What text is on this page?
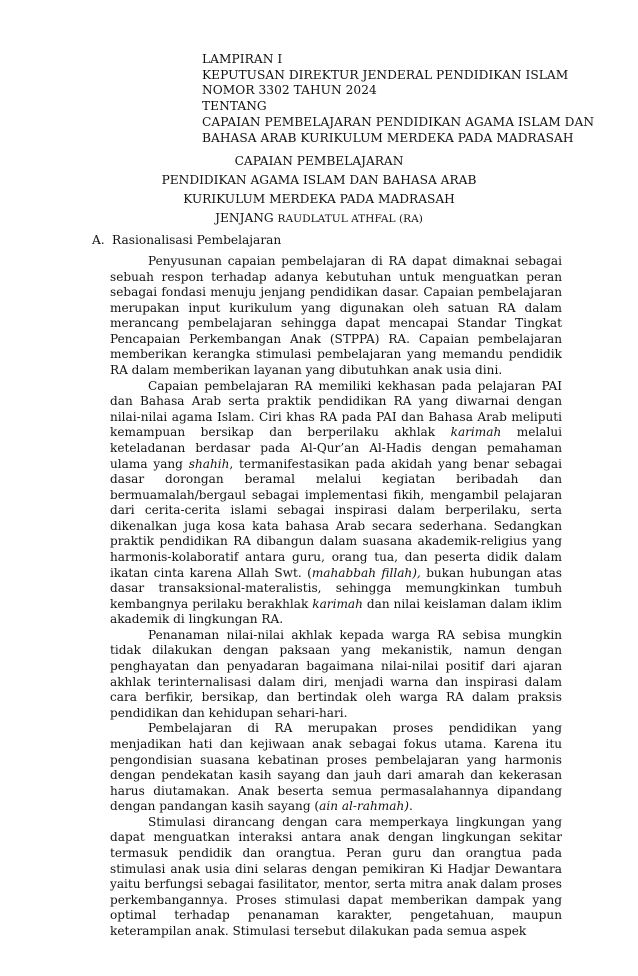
LAMPIRAN I
KEPUTUSAN DIREKTUR JENDERAL PENDIDIKAN ISLAM
NOMOR 3302 TAHUN 2024
TENTANG
CAPAIAN PEMBELAJARAN PENDIDIKAN AGAMA ISLAM DAN
BAHASA ARAB KURIKULUM MERDEKA PADA MADRASAH
CAPAIAN PEMBELAJARAN
PENDIDIKAN AGAMA ISLAM DAN BAHASA ARAB
KURIKULUM MERDEKA PADA MADRASAH
JENJANG RAUDLATUL ATHFAL (RA)
A. Rasionalisasi Pembelajaran

Penyusunan capaian pembelajaran di RA dapat dimaknai sebagai sebuah respon terhadap adanya kebutuhan untuk menguatkan peran sebagai fondasi menuju jenjang pendidikan dasar. Capaian pembelajaran merupakan input kurikulum yang digunakan oleh satuan RA dalam merancang pembelajaran sehingga dapat mencapai Standar Tingkat Pencapaian Perkembangan Anak (STPPA) RA. Capaian pembelajaran memberikan kerangka stimulasi pembelajaran yang memandu pendidik RA dalam memberikan layanan yang dibutuhkan anak usia dini.

Capaian pembelajaran RA memiliki kekhasan pada pelajaran PAI dan Bahasa Arab serta praktik pendidikan RA yang diwarnai dengan nilai-nilai agama Islam. Ciri khas RA pada PAI dan Bahasa Arab meliputi kemampuan bersikap dan berperilaku akhlak karimah melalui keteladanan berdasar pada Al-Qur’an Al-Hadis dengan pemahaman ulama yang shahih, termanifestasikan pada akidah yang benar sebagai dasar dorongan beramal melalui kegiatan beribadah dan bermuamalah/bergaul sebagai implementasi fikih, mengambil pelajaran dari cerita-cerita islami sebagai inspirasi dalam berperilaku, serta dikenalkan juga kosa kata bahasa Arab secara sederhana. Sedangkan praktik pendidikan RA dibangun dalam suasana akademik-religius yang harmonis-kolaboratif antara guru, orang tua, dan peserta didik dalam ikatan cinta karena Allah Swt. (mahabbah fillah), bukan hubungan atas dasar transaksional-materalistis, sehingga memungkinkan tumbuh kembangnya perilaku berakhlak karimah dan nilai keislaman dalam iklim akademik di lingkungan RA.

Penanaman nilai-nilai akhlak kepada warga RA sebisa mungkin tidak dilakukan dengan paksaan yang mekanistik, namun dengan penghayatan dan penyadaran bagaimana nilai-nilai positif dari ajaran akhlak terinternalisasi dalam diri, menjadi warna dan inspirasi dalam cara berfikir, bersikap, dan bertindak oleh warga RA dalam praksis pendidikan dan kehidupan sehari-hari.

Pembelajaran di RA merupakan proses pendidikan yang menjadikan hati dan kejiwaan anak sebagai fokus utama. Karena itu pengondisian suasana kebatinan proses pembelajaran yang harmonis dengan pendekatan kasih sayang dan jauh dari amarah dan kekerasan harus diutamakan. Anak beserta semua permasalahannya dipandang dengan pandangan kasih sayang (ain al-rahmah).

Stimulasi dirancang dengan cara memperkaya lingkungan yang dapat menguatkan interaksi antara anak dengan lingkungan sekitar termasuk pendidik dan orangtua. Peran guru dan orangtua pada stimulasi anak usia dini selaras dengan pemikiran Ki Hadjar Dewantara yaitu berfungsi sebagai fasilitator, mentor, serta mitra anak dalam proses perkembangannya. Proses stimulasi dapat memberikan dampak yang optimal terhadap penanaman karakter, pengetahuan, maupun keterampilan anak. Stimulasi tersebut dilakukan pada semua aspek
